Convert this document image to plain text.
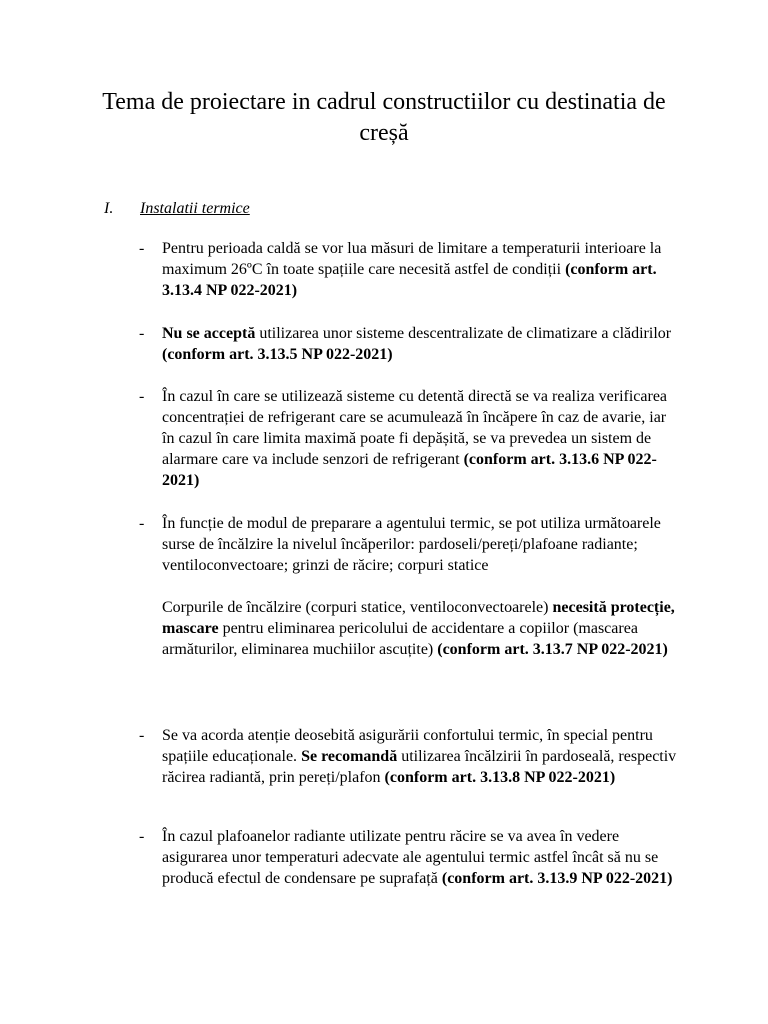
Tema de proiectare in cadrul constructiilor cu destinatia de creșă
I. Instalatii termice
- Pentru perioada caldă se vor lua măsuri de limitare a temperaturii interioare la maximum 26ºC în toate spațiile care necesită astfel de condiții (conform art. 3.13.4 NP 022-2021)

- Nu se acceptă utilizarea unor sisteme descentralizate de climatizare a clădirilor (conform art. 3.13.5 NP 022-2021)

- În cazul în care se utilizează sisteme cu detentă directă se va realiza verificarea concentrației de refrigerant care se acumulează în încăpere în caz de avarie, iar în cazul în care limita maximă poate fi depășită, se va prevedea un sistem de alarmare care va include senzori de refrigerant (conform art. 3.13.6 NP 022-2021)

- În funcție de modul de preparare a agentului termic, se pot utiliza următoarele surse de încălzire la nivelul încăperilor: pardoseli/pereți/plafoane radiante; ventiloconvectoare; grinzi de răcire; corpuri statice

Corpurile de încălzire (corpuri statice, ventiloconvectoarele) necesită protecție, mascare pentru eliminarea pericolului de accidentare a copiilor (mascarea armăturilor, eliminarea muchiilor ascuțite) (conform art. 3.13.7 NP 022-2021)

- Se va acorda atenție deosebită asigurării confortului termic, în special pentru spațiile educaționale. Se recomandă utilizarea încălzirii în pardoseală, respectiv răcirea radiantă, prin pereți/plafon (conform art. 3.13.8 NP 022-2021)

- În cazul plafoanelor radiante utilizate pentru răcire se va avea în vedere asigurarea unor temperaturi adecvate ale agentului termic astfel încât să nu se producă efectul de condensare pe suprafață (conform art. 3.13.9 NP 022-2021)
